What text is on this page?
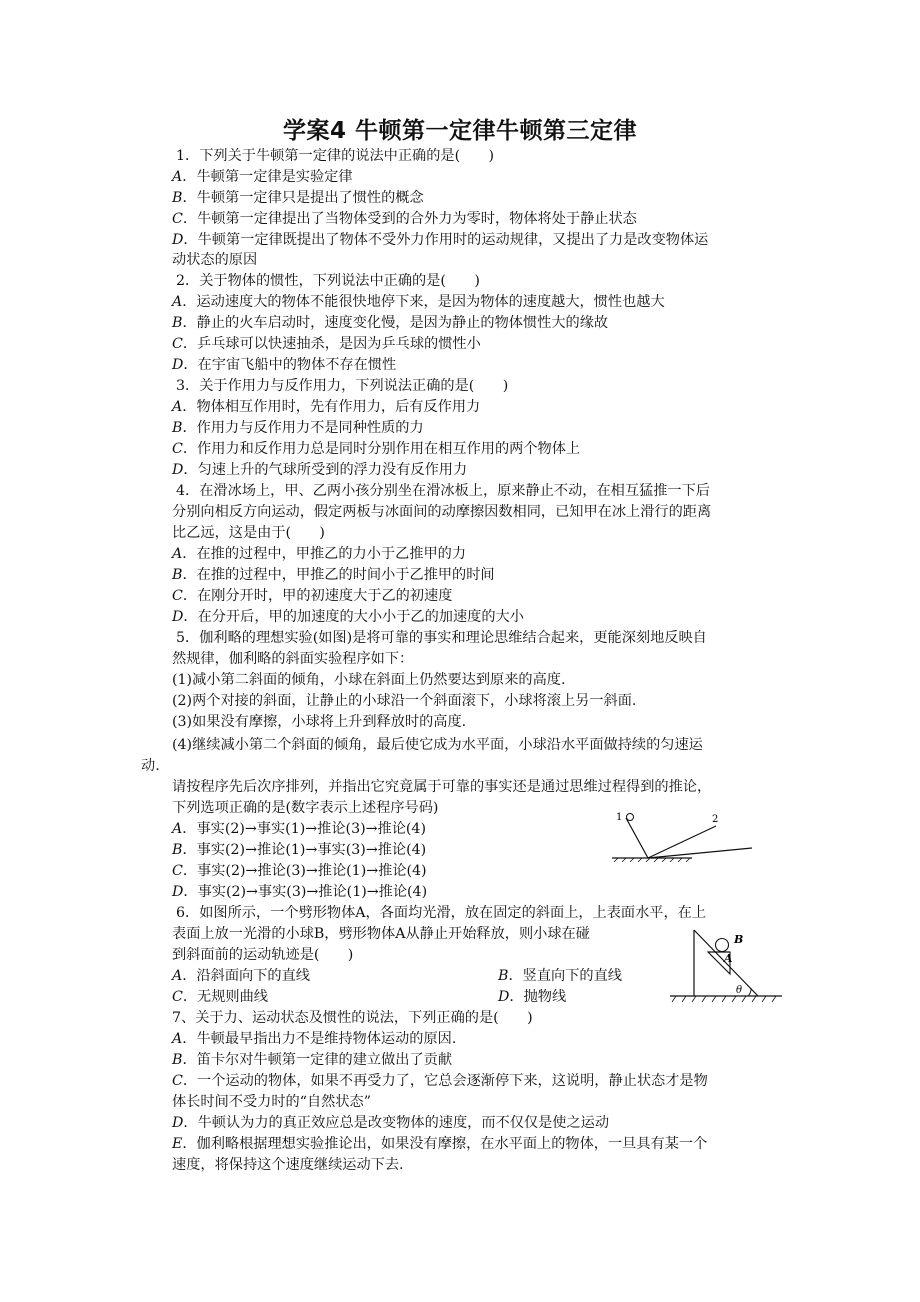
学案4 牛顿第一定律牛顿第三定律
1．下列关于牛顿第一定律的说法中正确的是(　　)
A．牛顿第一定律是实验定律
B．牛顿第一定律只是提出了惯性的概念
C．牛顿第一定律提出了当物体受到的合外力为零时，物体将处于静止状态
D．牛顿第一定律既提出了物体不受外力作用时的运动规律，又提出了力是改变物体运
动状态的原因
2．关于物体的惯性，下列说法中正确的是(　　)
A．运动速度大的物体不能很快地停下来，是因为物体的速度越大，惯性也越大
B．静止的火车启动时，速度变化慢，是因为静止的物体惯性大的缘故
C．乒乓球可以快速抽杀，是因为乒乓球的惯性小
D．在宇宙飞船中的物体不存在惯性
3．关于作用力与反作用力，下列说法正确的是(　　)
A．物体相互作用时，先有作用力，后有反作用力
B．作用力与反作用力不是同种性质的力
C．作用力和反作用力总是同时分别作用在相互作用的两个物体上
D．匀速上升的气球所受到的浮力没有反作用力
4．在滑冰场上，甲、乙两小孩分别坐在滑冰板上，原来静止不动，在相互猛推一下后
分别向相反方向运动，假定两板与冰面间的动摩擦因数相同，已知甲在冰上滑行的距离
比乙远，这是由于(　　)
A．在推的过程中，甲推乙的力小于乙推甲的力
B．在推的过程中，甲推乙的时间小于乙推甲的时间
C．在刚分开时，甲的初速度大于乙的初速度
D．在分开后，甲的加速度的大小小于乙的加速度的大小
5．伽利略的理想实验(如图)是将可靠的事实和理论思维结合起来，更能深刻地反映自
然规律，伽利略的斜面实验程序如下：
(1)减小第二斜面的倾角，小球在斜面上仍然要达到原来的高度.
(2)两个对接的斜面，让静止的小球沿一个斜面滚下，小球将滚上另一斜面.
(3)如果没有摩擦，小球将上升到释放时的高度.
(4)继续减小第二个斜面的倾角，最后使它成为水平面，小球沿水平面做持续的匀速运
动.
请按程序先后次序排列，并指出它究竟属于可靠的事实还是通过思维过程得到的推论，
下列选项正确的是(数字表示上述程序号码)
A．事实(2)→事实(1)→推论(3)→推论(4)
B．事实(2)→推论(1)→事实(3)→推论(4)
C．事实(2)→推论(3)→推论(1)→推论(4)
D．事实(2)→事实(3)→推论(1)→推论(4)
1	2
6．如图所示，一个劈形物体A，各面均光滑，放在固定的斜面上，上表面水平，在上
表面上放一光滑的小球B，劈形物体A从静止开始释放，则小球在碰
到斜面前的运动轨迹是(　　)
A．沿斜面向下的直线	B．竖直向下的直线
C．无规则曲线	D．抛物线
B
A
θ
7、关于力、运动状态及惯性的说法，下列正确的是(　　)
A．牛顿最早指出力不是维持物体运动的原因.
B．笛卡尔对牛顿第一定律的建立做出了贡献
C．一个运动的物体，如果不再受力了，它总会逐渐停下来，这说明，静止状态才是物
体长时间不受力时的“自然状态”
D．牛顿认为力的真正效应总是改变物体的速度，而不仅仅是使之运动
E．伽利略根据理想实验推论出，如果没有摩擦，在水平面上的物体，一旦具有某一个
速度，将保持这个速度继续运动下去.
